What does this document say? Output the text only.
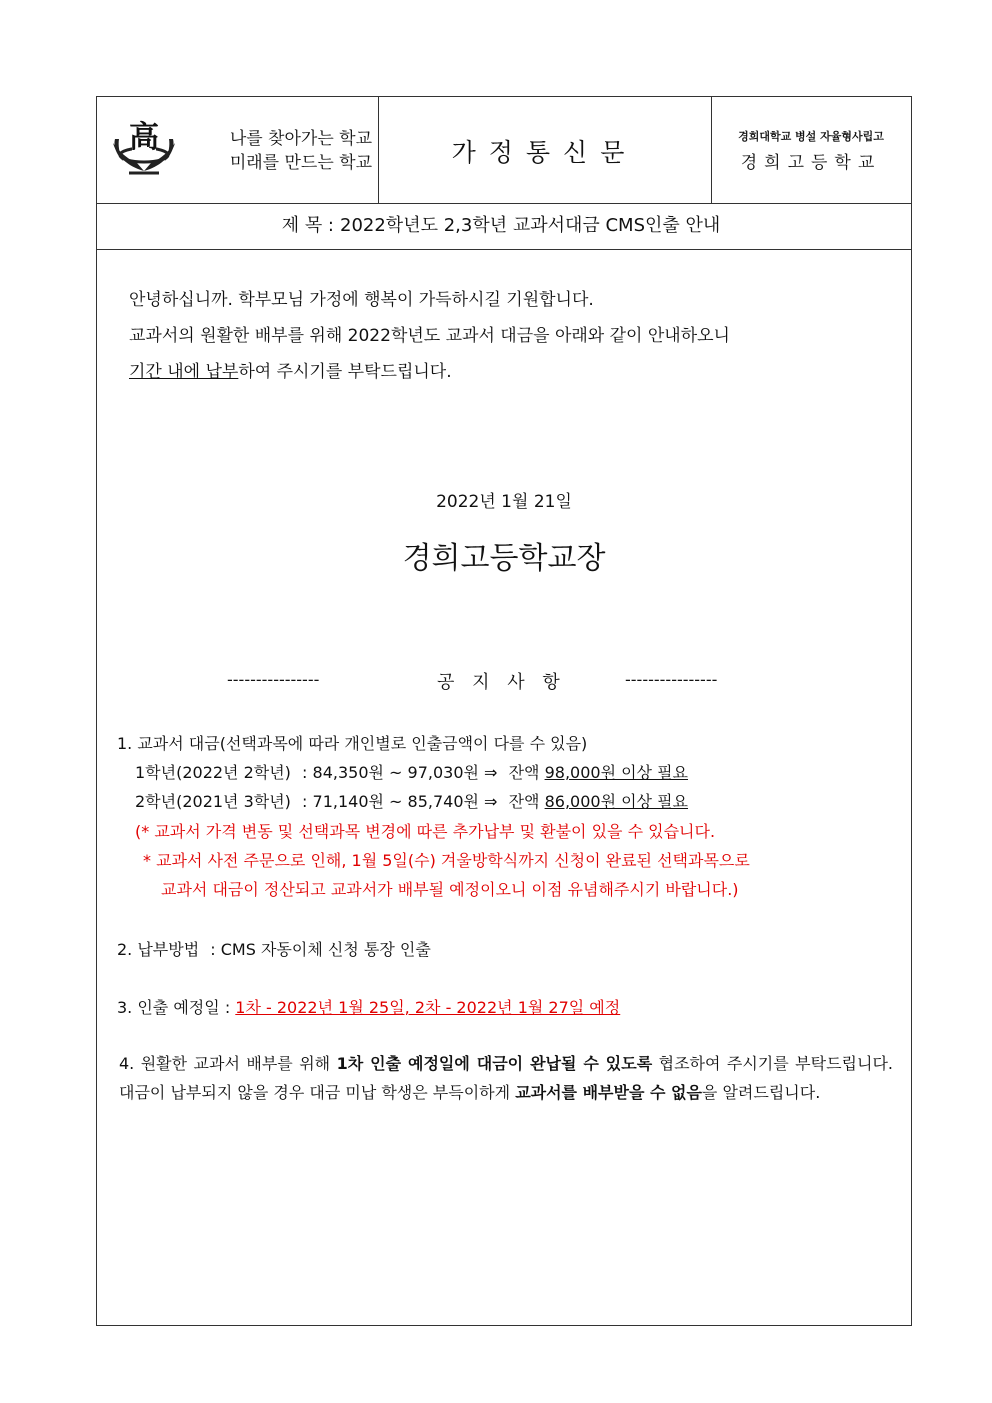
高	나를 찾아가는 학교
미래를 만드는 학교	가정통신문
경희대학교 병설 자율형사립고
경희고등학교
제 목 : 2022학년도 2,3학년 교과서대금 CMS인출 안내
안녕하십니까. 학부모님 가정에 행복이 가득하시길 기원합니다.
교과서의 원활한 배부를 위해 2022학년도 교과서 대금을 아래와 같이 안내하오니
기간 내에 납부하여 주시기를 부탁드립니다.
2022년 1월 21일
경희고등학교장
----------------	공 지 사 항	----------------
1. 교과서 대금(선택과목에 따라 개인별로 인출금액이 다를 수 있음)
1학년(2022년 2학년) : 84,350원 ~ 97,030원 ⇒ 잔액 98,000원 이상 필요
2학년(2021년 3학년) : 71,140원 ~ 85,740원 ⇒ 잔액 86,000원 이상 필요
(* 교과서 가격 변동 및 선택과목 변경에 따른 추가납부 및 환불이 있을 수 있습니다.
* 교과서 사전 주문으로 인해, 1월 5일(수) 겨울방학식까지 신청이 완료된 선택과목으로
교과서 대금이 정산되고 교과서가 배부될 예정이오니 이점 유념해주시기 바랍니다.)
2. 납부방법 : CMS 자동이체 신청 통장 인출
3. 인출 예정일 : 1차 - 2022년 1월 25일, 2차 - 2022년 1월 27일 예정
4. 원활한 교과서 배부를 위해 1차 인출 예정일에 대금이 완납될 수 있도록 협조하여 주시기를 부탁드립니다. 대금이 납부되지 않을 경우 대금 미납 학생은 부득이하게 교과서를 배부받을 수 없음을 알려드립니다.
